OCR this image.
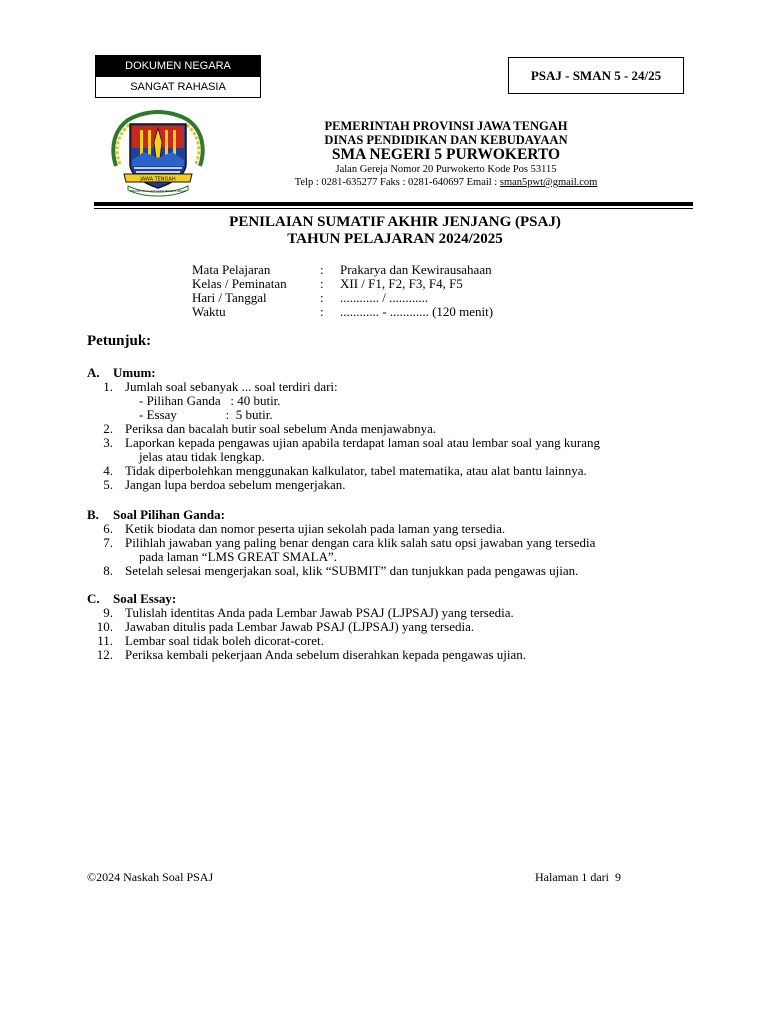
DOKUMEN NEGARA
SANGAT RAHASIA
PSAJ - SMAN 5 - 24/25
JAWA TENGAH
PRASETYA ULAH SAKTI BHAKTI PRAJA
PEMERINTAH PROVINSI JAWA TENGAH
DINAS PENDIDIKAN DAN KEBUDAYAAN
SMA NEGERI 5 PURWOKERTO
Jalan Gereja Nomor 20 Purwokerto Kode Pos 53115
Telp : 0281-635277 Faks : 0281-640697 Email : sman5pwt@gmail.com
PENILAIAN SUMATIF AKHIR JENJANG (PSAJ)
TAHUN PELAJARAN 2024/2025
Mata Pelajaran	:	Prakarya dan Kewirausahaan
Kelas / Peminatan	:	XII / F1, F2, F3, F4, F5
Hari / Tanggal	:	............ / ............
Waktu	:	............ - ............ (120 menit)
Petunjuk:
A.	Umum:
1. Jumlah soal sebanyak ... soal terdiri dari:
- Pilihan Ganda   : 40 butir.
- Essay               :  5 butir.
2. Periksa dan bacalah butir soal sebelum Anda menjawabnya.
3. Laporkan kepada pengawas ujian apabila terdapat laman soal atau lembar soal yang kurang
jelas atau tidak lengkap.
4. Tidak diperbolehkan menggunakan kalkulator, tabel matematika, atau alat bantu lainnya.
5. Jangan lupa berdoa sebelum mengerjakan.
B.	Soal Pilihan Ganda:
6. Ketik biodata dan nomor peserta ujian sekolah pada laman yang tersedia.
7. Pilihlah jawaban yang paling benar dengan cara klik salah satu opsi jawaban yang tersedia
pada laman “LMS GREAT SMALA”.
8. Setelah selesai mengerjakan soal, klik “SUBMIT” dan tunjukkan pada pengawas ujian.
C.	Soal Essay:
9. Tulislah identitas Anda pada Lembar Jawab PSAJ (LJPSAJ) yang tersedia.
10. Jawaban ditulis pada Lembar Jawab PSAJ (LJPSAJ) yang tersedia.
11. Lembar soal tidak boleh dicorat-coret.
12. Periksa kembali pekerjaan Anda sebelum diserahkan kepada pengawas ujian.
©2024 Naskah Soal PSAJ	Halaman 1 dari  9
